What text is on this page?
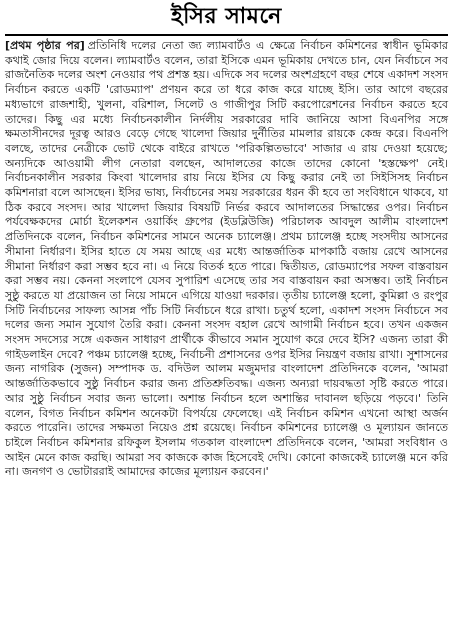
ইসির সামনে

[প্রথম পৃষ্ঠার পর] প্রতিনিধি দলের নেতা জ্য ল্যামবার্টও এ ক্ষেত্রে নির্বাচন কমিশনের স্বাধীন ভূমিকার কথাই জোর দিয়ে বলেন। ল্যামবার্টও বলেন, তারা ইসিকে এমন ভূমিকায় দেখতে চান, যেন নির্বাচনে সব রাজনৈতিক দলের অংশ নেওয়ার পথ প্রশস্ত হয়। এদিকে সব দলের অংশগ্রহণে বছর শেষে একাদশ সংসদ নির্বাচন করতে একটি 'রোডম্যাপ' প্রণয়ন করে তা ধরে কাজ করে যাচ্ছে ইসি। তার আগে বছরের মধ্যভাগে রাজশাহী, খুলনা, বরিশাল, সিলেট ও গাজীপুর সিটি করপোরেশনের নির্বাচন করতে হবে তাদের। কিছু এর মধ্যে নির্বাচনকালীন নির্দলীয় সরকারের দাবি জানিয়ে আসা বিএনপির সঙ্গে ক্ষমতাসীনদের দূরত্ব আরও বেড়ে গেছে খালেদা জিয়ার দুর্নীতির মামলার রায়কে কেন্দ্র করে। বিএনপি বলছে, তাদের নেত্রীকে ভোট থেকে বাইরে রাখতে 'পরিকল্পিতভাবে' সাজার এ রায় দেওয়া হয়েছে; অন্যদিকে আওয়ামী লীগ নেতারা বলছেন, আদালতের কাজে তাদের কোনো 'হস্তক্ষেপ' নেই। নির্বাচনকালীন সরকার কিংবা খালেদার রায় নিয়ে ইসির যে কিছু করার নেই তা সিইসিসহ নির্বাচন কমিশনারা বলে আসছেন। ইসির ভাষ্য, নির্বাচনের সময় সরকারের ধরন কী হবে তা সংবিধানে থাকবে, যা ঠিক করবে সংসদ। আর খালেদা জিয়ার বিষয়টি নির্ভর করবে আদালতের সিদ্ধান্তের ওপর। নির্বাচন পর্যবেক্ষকদের মোর্চা ইলেকশন ওয়ার্কিং গ্রুপের (ইডব্লিউজি) পরিচালক আবদুল আলীম বাংলাদেশ প্রতিদিনকে বলেন, নির্বাচন কমিশনের সামনে অনেক চ্যালেঞ্জ। প্রথম চ্যালেঞ্জ হচ্ছে সংসদীয় আসনের সীমানা নির্ধারণ। ইসির হাতে যে সময় আছে এর মধ্যে আন্তর্জাতিক মাপকাঠি বজায় রেখে আসনের সীমানা নির্ধারণ করা সম্ভব হবে না। এ নিয়ে বিতর্ক হতে পারে। দ্বিতীয়ত, রোডম্যাপের সফল বাস্তবায়ন করা সম্ভব নয়। কেননা সংলাপে যেসব সুপারিশ এসেছে তার সব বাস্তবায়ন করা অসম্ভব। তাই নির্বাচন সুষ্ঠু করতে যা প্রয়োজন তা নিয়ে সামনে এগিয়ে যাওয়া দরকার। তৃতীয় চ্যালেঞ্জ হলো, কুমিল্লা ও রংপুর সিটি নির্বাচনের সাফল্য আসন্ন পাঁচ সিটি নির্বাচনে ধরে রাখা। চতুর্থ হলো, একাদশ সংসদ নির্বাচনে সব দলের জন্য সমান সুযোগ তৈরি করা। কেননা সংসদ বহাল রেখে আগামী নির্বাচন হবে। তখন একজন সংসদ সদস্যের সঙ্গে একজন সাধারণ প্রার্থীকে কীভাবে সমান সুযোগ করে দেবে ইসি? এজন্য তারা কী গাইডলাইন দেবে? পঞ্চম চ্যালেঞ্জ হচ্ছে, নির্বাচনী প্রশাসনের ওপর ইসির নিয়ন্ত্রণ বজায় রাখা। সুশাসনের জন্য নাগরিক (সুজন) সম্পাদক ড. বদিউল আলম মজুমদার বাংলাদেশ প্রতিদিনকে বলেন, 'আমরা আন্তর্জাতিকভাবে সুষ্ঠু নির্বাচন করার জন্য প্রতিশ্রুতিবদ্ধ। এজন্য অন্যরা দায়বদ্ধতা সৃষ্টি করতে পারে। আর সুষ্ঠু নির্বাচন সবার জন্য ভালো। অশান্ত নির্বাচন হলে অশান্তির দাবানল ছড়িয়ে পড়বে।' তিনি বলেন, বিগত নির্বাচন কমিশন অনেকটা বিপর্যয়ে ফেলেছে। এই নির্বাচন কমিশন এখনো আস্থা অর্জন করতে পারেনি। তাদের সক্ষমতা নিয়েও প্রশ্ন রয়েছে। নির্বাচন কমিশনের চ্যালেঞ্জ ও মূল্যায়ন জানতে চাইলে নির্বাচন কমিশনার রফিকুল ইসলাম গতকাল বাংলাদেশ প্রতিদিনকে বলেন, 'আমরা সংবিধান ও আইন মেনে কাজ করছি। আমরা সব কাজকে কাজ হিসেবেই দেখি। কোনো কাজকেই চ্যালেঞ্জ মনে করি না। জনগণ ও ভোটাররাই আমাদের কাজের মূল্যায়ন করবেন।'
